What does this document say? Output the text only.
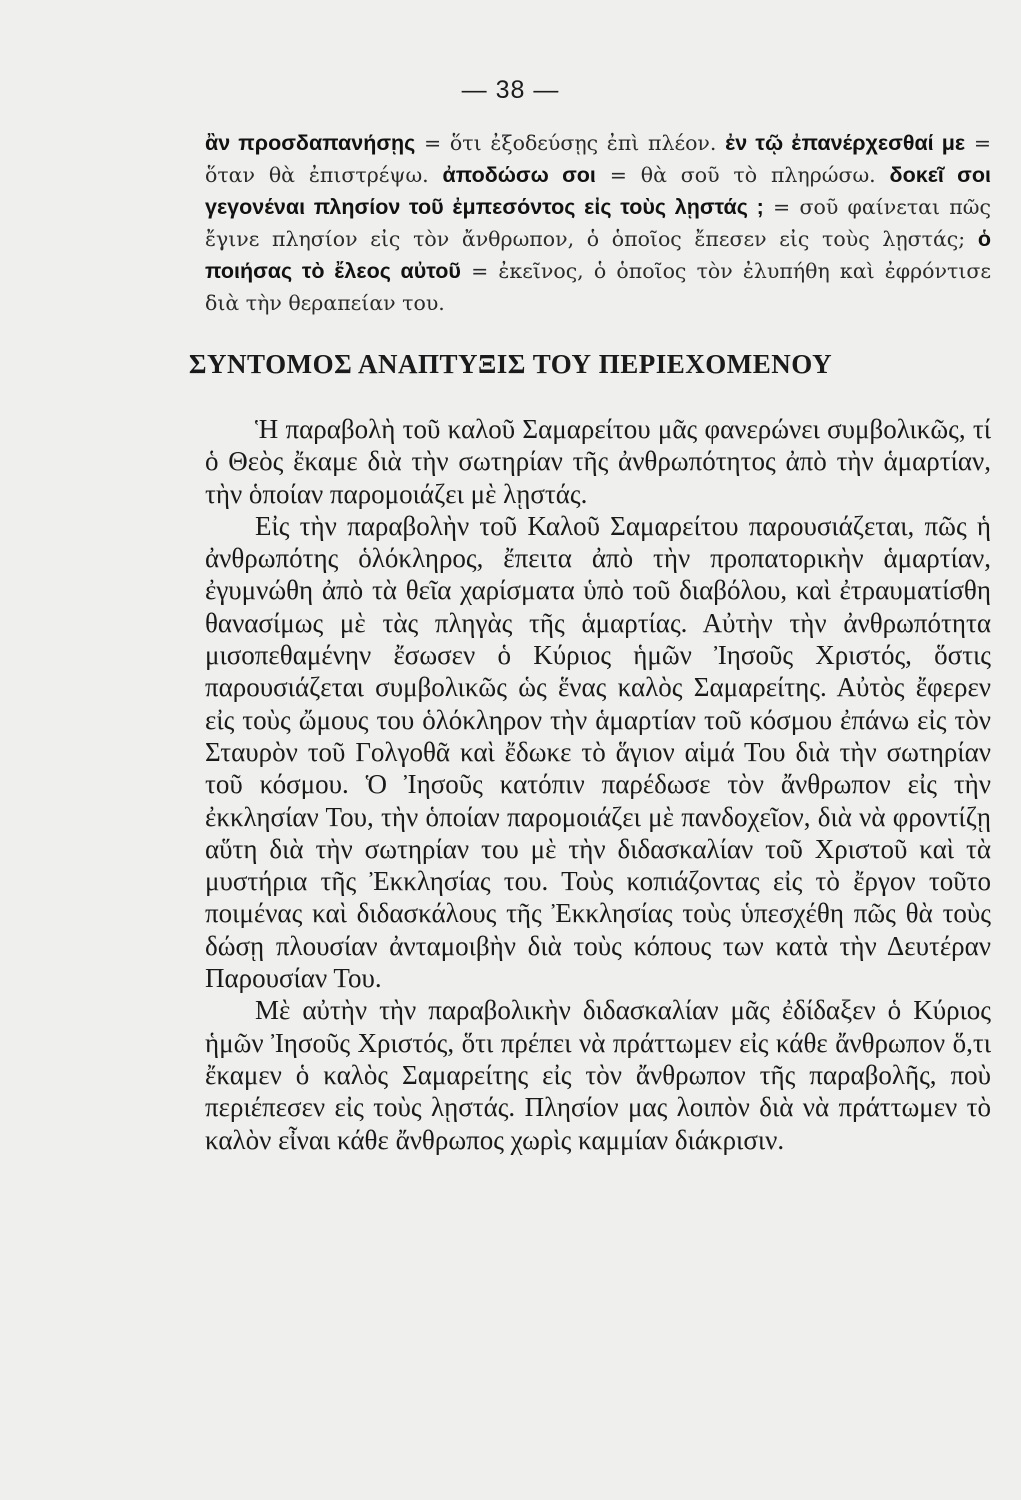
— 38 —

ἂν προσδαπανήσῃς = ὅτι ἐξοδεύσῃς ἐπὶ πλέον. ἐν τῷ ἐπανέρχεσθαί με = ὅταν θὰ ἐπιστρέψω. ἀποδώσω σοι = θὰ σοῦ τὸ πληρώσω. δοκεῖ σοι γεγονέναι πλησίον τοῦ ἐμπεσόντος εἰς τοὺς λῃστάς ; = σοῦ φαίνεται πῶς ἔγινε πλησίον εἰς τὸν ἄνθρωπον, ὁ ὁποῖος ἔπεσεν εἰς τοὺς λῃστάς; ὁ ποιήσας τὸ ἔλεος αὐτοῦ = ἐκεῖνος, ὁ ὁποῖος τὸν ἐλυπήθη καὶ ἐφρόντισε διὰ τὴν θεραπείαν του.

ΣΥΝΤΟΜΟΣ ΑΝΑΠΤΥΞΙΣ ΤΟΥ ΠΕΡΙΕΧΟΜΕΝΟΥ

Ἡ παραβολὴ τοῦ καλοῦ Σαμαρείτου μᾶς φανερώνει συμβολικῶς, τί ὁ Θεὸς ἔκαμε διὰ τὴν σωτηρίαν τῆς ἀνθρωπότητος ἀπὸ τὴν ἁμαρτίαν, τὴν ὁποίαν παρομοιάζει μὲ λῃστάς.

Εἰς τὴν παραβολὴν τοῦ Καλοῦ Σαμαρείτου παρουσιάζεται, πῶς ἡ ἀνθρωπότης ὁλόκληρος, ἔπειτα ἀπὸ τὴν προπατορικὴν ἁμαρτίαν, ἐγυμνώθη ἀπὸ τὰ θεῖα χαρίσματα ὑπὸ τοῦ διαβόλου, καὶ ἐτραυματίσθη θανασίμως μὲ τὰς πληγὰς τῆς ἁμαρτίας. Αὐτὴν τὴν ἀνθρωπότητα μισοπεθαμένην ἔσωσεν ὁ Κύριος ἡμῶν Ἰησοῦς Χριστός, ὅστις παρουσιάζεται συμβολικῶς ὡς ἕνας καλὸς Σαμαρείτης. Αὐτὸς ἔφερεν εἰς τοὺς ὤμους του ὁλόκληρον τὴν ἁμαρτίαν τοῦ κόσμου ἐπάνω εἰς τὸν Σταυρὸν τοῦ Γολγοθᾶ καὶ ἔδωκε τὸ ἅγιον αἱμά Του διὰ τὴν σωτηρίαν τοῦ κόσμου. Ὁ Ἰησοῦς κατόπιν παρέδωσε τὸν ἄνθρωπον εἰς τὴν ἐκκλησίαν Του, τὴν ὁποίαν παρομοιάζει μὲ πανδοχεῖον, διὰ νὰ φροντίζῃ αὕτη διὰ τὴν σωτηρίαν του μὲ τὴν διδασκαλίαν τοῦ Χριστοῦ καὶ τὰ μυστήρια τῆς Ἐκκλησίας του. Τοὺς κοπιάζοντας εἰς τὸ ἔργον τοῦτο ποιμένας καὶ διδασκάλους τῆς Ἐκκλησίας τοὺς ὑπεσχέθη πῶς θὰ τοὺς δώσῃ πλουσίαν ἀνταμοιβὴν διὰ τοὺς κόπους των κατὰ τὴν Δευτέραν Παρουσίαν Του.

Μὲ αὐτὴν τὴν παραβολικὴν διδασκαλίαν μᾶς ἐδίδαξεν ὁ Κύριος ἡμῶν Ἰησοῦς Χριστός, ὅτι πρέπει νὰ πράττωμεν εἰς κάθε ἄνθρωπον ὅ,τι ἔκαμεν ὁ καλὸς Σαμαρείτης εἰς τὸν ἄνθρωπον τῆς παραβολῆς, ποὺ περιέπεσεν εἰς τοὺς λῃστάς. Πλησίον μας λοιπὸν διὰ νὰ πράττωμεν τὸ καλὸν εἶναι κάθε ἄνθρωπος χωρὶς καμμίαν διάκρισιν.
